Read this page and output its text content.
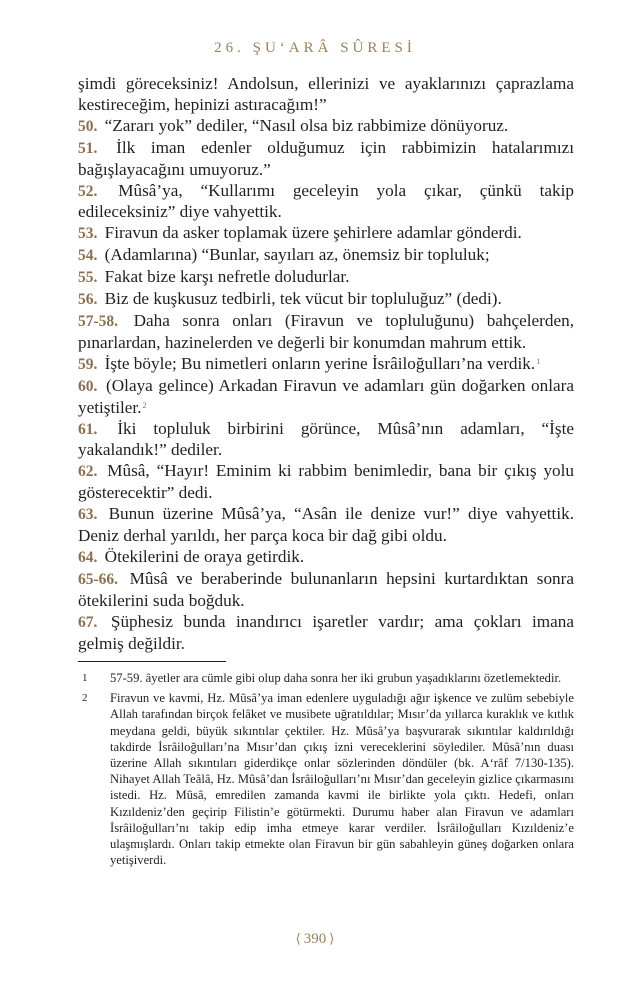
26. ŞU‘ARÂ SÛRESİ

şimdi göreceksiniz! Andolsun, ellerinizi ve ayaklarınızı çaprazlama kestireceğim, hepinizi astıracağım!”

50. “Zararı yok” dediler, “Nasıl olsa biz rabbimize dönüyoruz.

51. İlk iman edenler olduğumuz için rabbimizin hatalarımızı bağışlayacağını umuyoruz.”

52. Mûsâ’ya, “Kullarımı geceleyin yola çıkar, çünkü takip edileceksiniz” diye vahyettik.

53. Firavun da asker toplamak üzere şehirlere adamlar gönderdi.

54. (Adamlarına) “Bunlar, sayıları az, önemsiz bir topluluk;

55. Fakat bize karşı nefretle doludurlar.

56. Biz de kuşkusuz tedbirli, tek vücut bir topluluğuz” (dedi).

57-58. Daha sonra onları (Firavun ve topluluğunu) bahçelerden, pınarlardan, hazinelerden ve değerli bir konumdan mahrum ettik.

59. İşte böyle; Bu nimetleri onların yerine İsrâiloğulları’na verdik.$^1$

60. (Olaya gelince) Arkadan Firavun ve adamları gün doğarken onlara yetiştiler.$^2$

61. İki topluluk birbirini görünce, Mûsâ’nın adamları, “İşte yakalandık!” dediler.

62. Mûsâ, “Hayır! Eminim ki rabbim benimledir, bana bir çıkış yolu gösterecektir” dedi.

63. Bunun üzerine Mûsâ’ya, “Asân ile denize vur!” diye vahyettik. Deniz derhal yarıldı, her parça koca bir dağ gibi oldu.

64. Ötekilerini de oraya getirdik.

65-66. Mûsâ ve beraberinde bulunanların hepsini kurtardıktan sonra ötekilerini suda boğduk.

67. Şüphesiz bunda inandırıcı işaretler vardır; ama çokları imana gelmiş değildir.

1	57-59. âyetler ara cümle gibi olup daha sonra her iki grubun yaşadıklarını özetlemektedir.
2	Firavun ve kavmi, Hz. Mûsâ’ya iman edenlere uyguladığı ağır işkence ve zulüm sebebiyle Allah tarafından birçok felâket ve musibete uğratıldılar; Mısır’da yıllarca kuraklık ve kıtlık meydana geldi, büyük sıkıntılar çektiler. Hz. Mûsâ’ya başvurarak sıkıntılar kaldırıldığı takdirde İsrâiloğulları’na Mısır’dan çıkış izni vereceklerini söylediler. Mûsâ’nın duası üzerine Allah sıkıntıları giderdikçe onlar sözlerinden döndüler (bk. A‘râf 7/130-135). Nihayet Allah Teâlâ, Hz. Mûsâ’dan İsrâiloğulları’nı Mısır’dan geceleyin gizlice çıkarmasını istedi. Hz. Mûsâ, emredilen zamanda kavmi ile birlikte yola çıktı. Hedefi, onları Kızıldeniz’den geçirip Filistin’e götürmekti. Durumu haber alan Firavun ve adamları İsrâiloğulları’nı takip edip imha etmeye karar verdiler. İsrâiloğulları Kızıldeniz’e ulaşmışlardı. Onları takip etmekte olan Firavun bir gün sabahleyin güneş doğarken onlara yetişiverdi.
⟨ 390 ⟩
